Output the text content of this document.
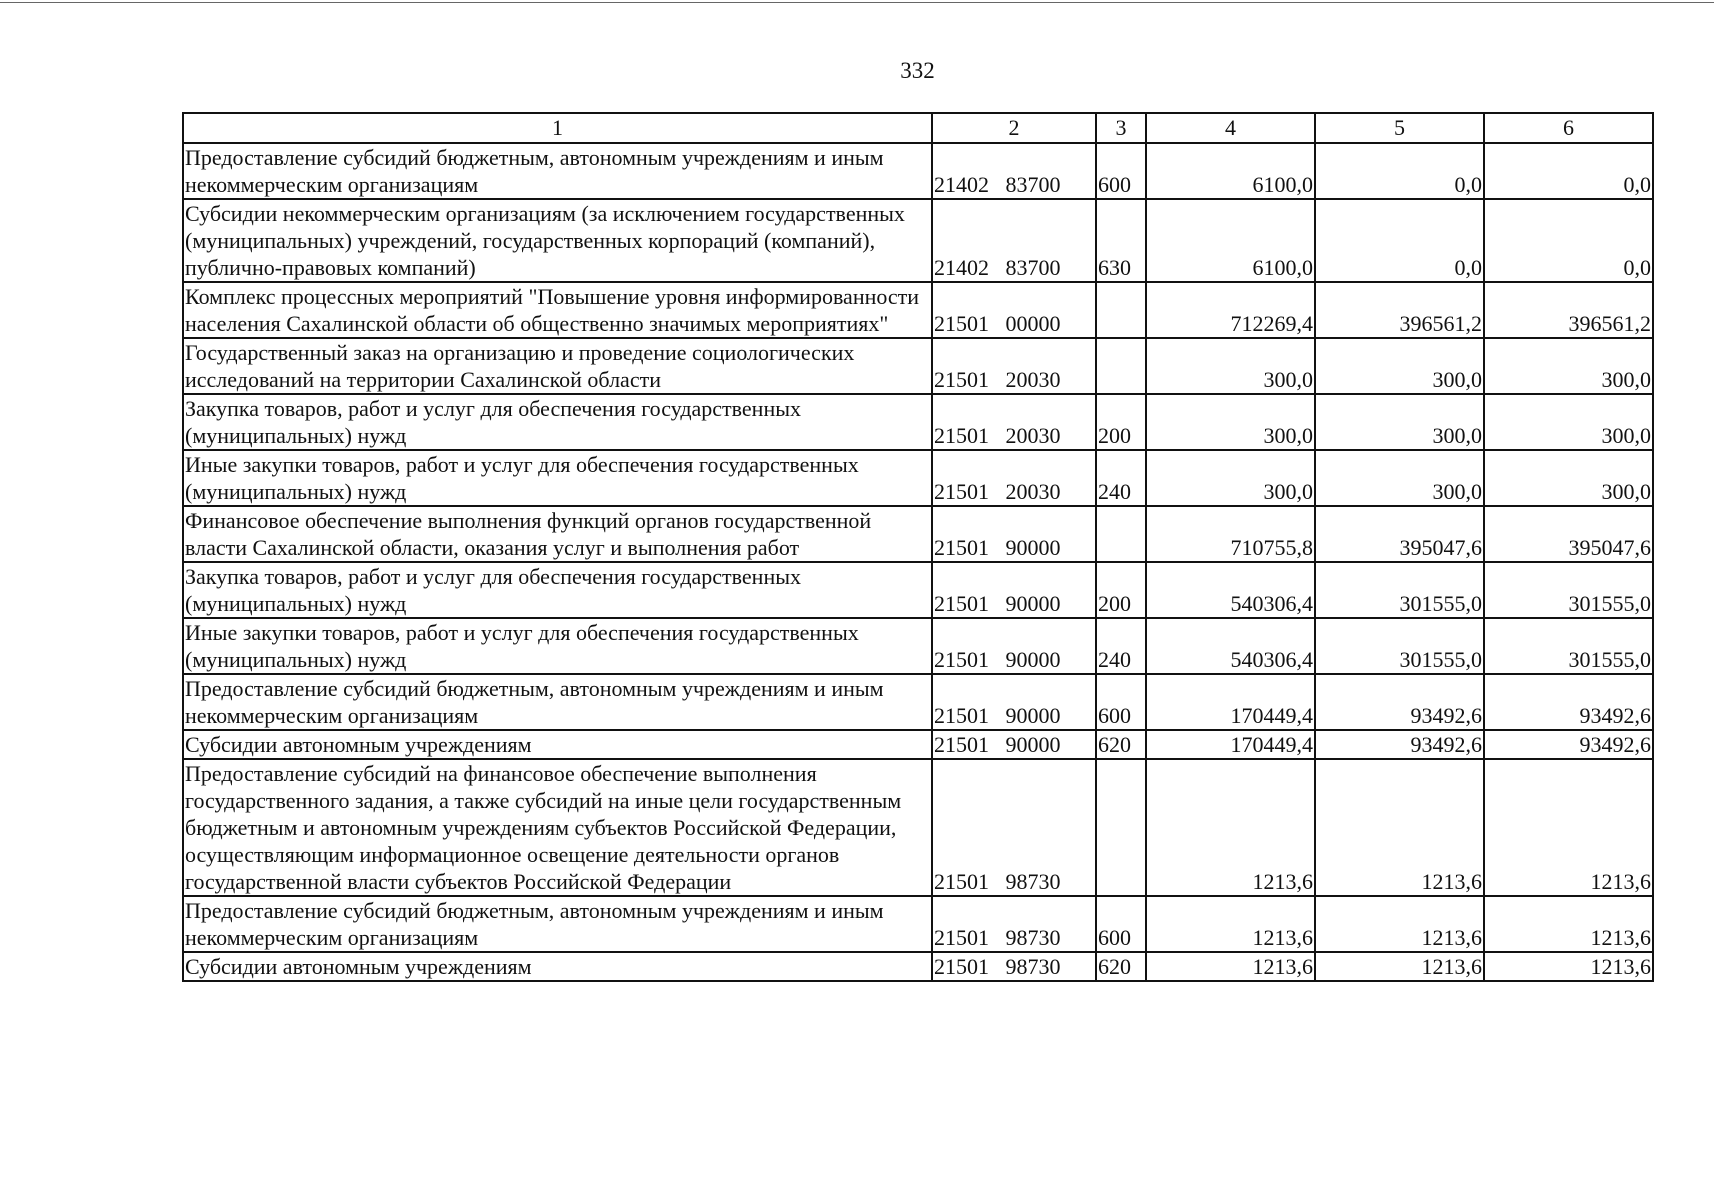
332
1	2	3	4	5	6
Предоставление субсидий бюджетным, автономным учреждениям и иным некоммерческим организациям	21402   83700	600	6100,0	0,0	0,0
Субсидии некоммерческим организациям (за исключением государственных (муниципальных) учреждений, государственных корпораций (компаний), публично-правовых компаний)	21402   83700	630	6100,0	0,0	0,0
Комплекс процессных мероприятий "Повышение уровня информированности населения Сахалинской области об общественно значимых мероприятиях"	21501   00000		712269,4	396561,2	396561,2
Государственный заказ на организацию и проведение социологических исследований на территории Сахалинской области	21501   20030		300,0	300,0	300,0
Закупка товаров, работ и услуг для обеспечения государственных (муниципальных) нужд	21501   20030	200	300,0	300,0	300,0
Иные закупки товаров, работ и услуг для обеспечения государственных (муниципальных) нужд	21501   20030	240	300,0	300,0	300,0
Финансовое обеспечение выполнения функций органов государственной власти Сахалинской области, оказания услуг и выполнения работ	21501   90000		710755,8	395047,6	395047,6
Закупка товаров, работ и услуг для обеспечения государственных (муниципальных) нужд	21501   90000	200	540306,4	301555,0	301555,0
Иные закупки товаров, работ и услуг для обеспечения государственных (муниципальных) нужд	21501   90000	240	540306,4	301555,0	301555,0
Предоставление субсидий бюджетным, автономным учреждениям и иным некоммерческим организациям	21501   90000	600	170449,4	93492,6	93492,6
Субсидии автономным учреждениям	21501   90000	620	170449,4	93492,6	93492,6
Предоставление субсидий на финансовое обеспечение выполнения государственного задания, а также субсидий на иные цели государственным бюджетным и автономным учреждениям субъектов Российской Федерации, осуществляющим информационное освещение деятельности органов государственной власти субъектов Российской Федерации	21501   98730		1213,6	1213,6	1213,6
Предоставление субсидий бюджетным, автономным учреждениям и иным некоммерческим организациям	21501   98730	600	1213,6	1213,6	1213,6
Субсидии автономным учреждениям	21501   98730	620	1213,6	1213,6	1213,6
